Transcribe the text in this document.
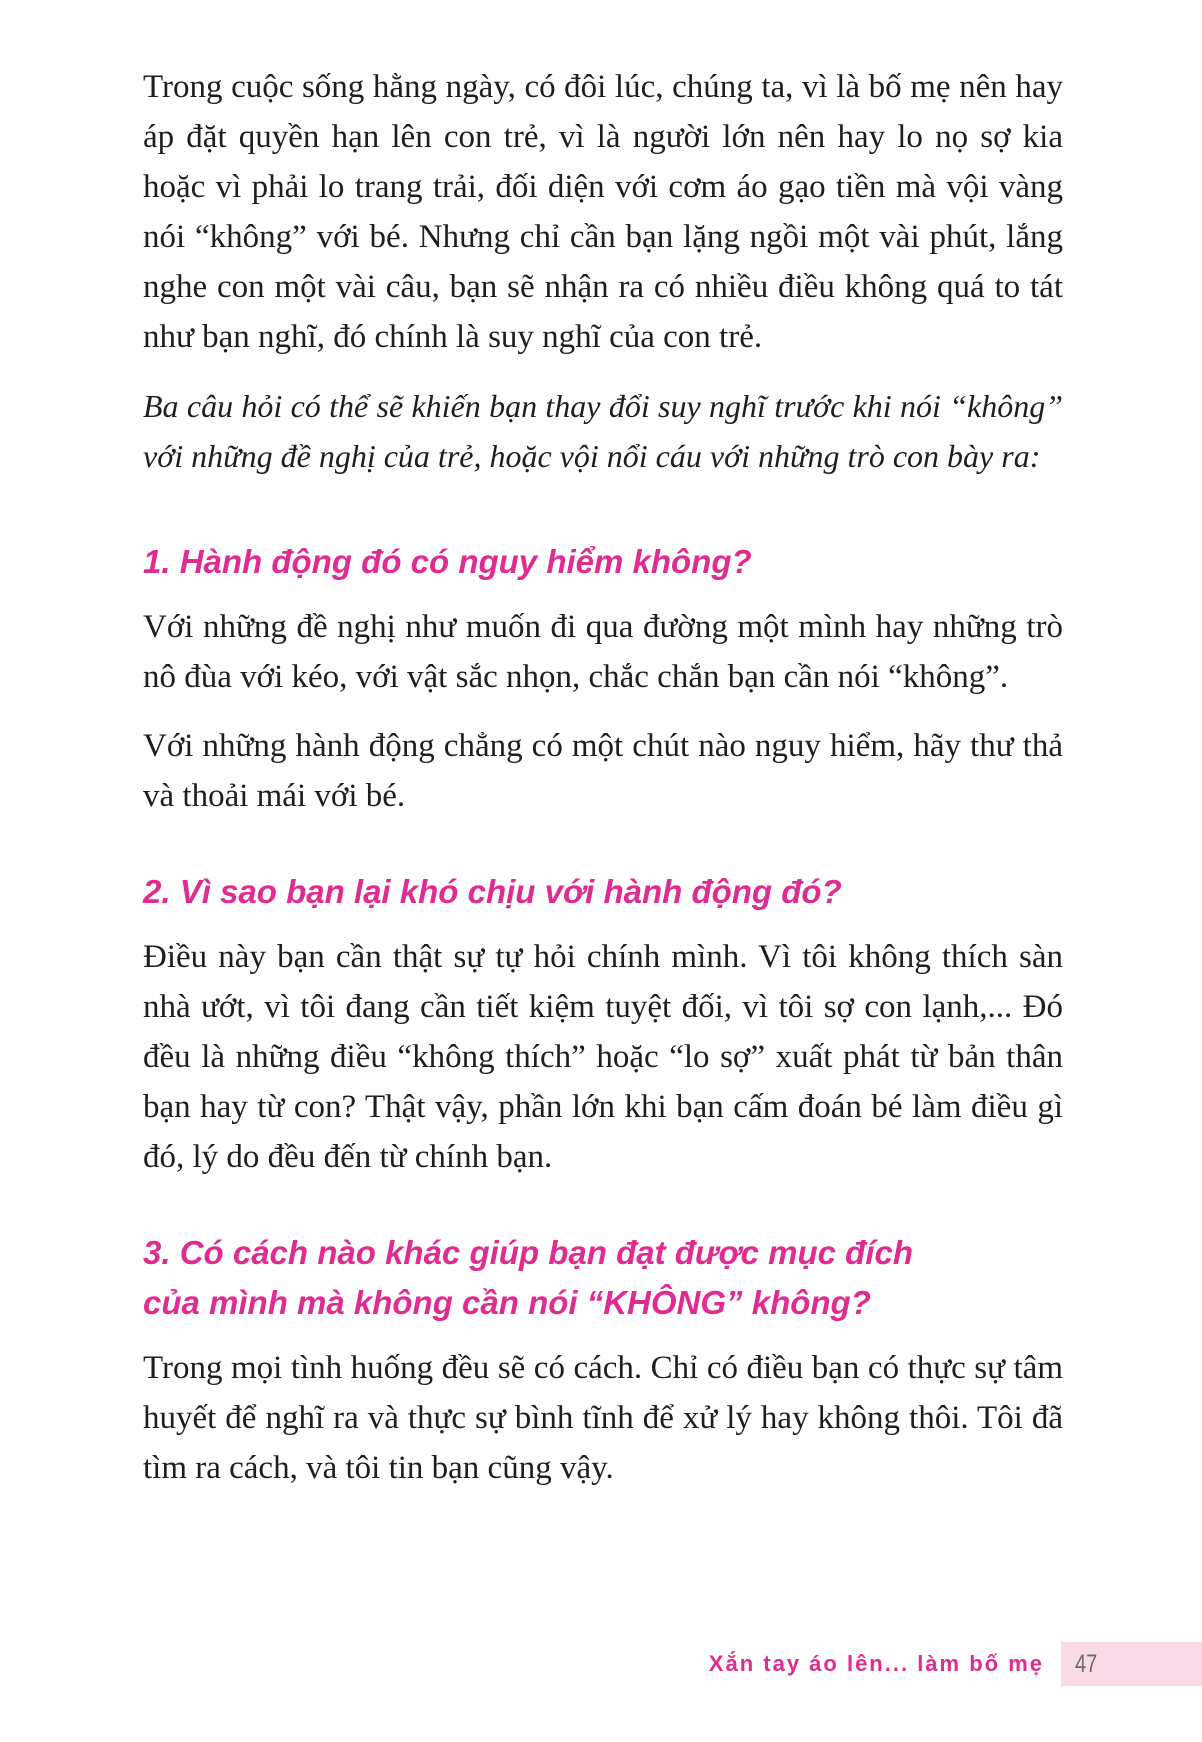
Trong cuộc sống hằng ngày, có đôi lúc, chúng ta, vì là bố mẹ nên hay áp đặt quyền hạn lên con trẻ, vì là người lớn nên hay lo nọ sợ kia hoặc vì phải lo trang trải, đối diện với cơm áo gạo tiền mà vội vàng nói “không” với bé. Nhưng chỉ cần bạn lặng ngồi một vài phút, lắng nghe con một vài câu, bạn sẽ nhận ra có nhiều điều không quá to tát như bạn nghĩ, đó chính là suy nghĩ của con trẻ.

Ba câu hỏi có thể sẽ khiến bạn thay đổi suy nghĩ trước khi nói “không” với những đề nghị của trẻ, hoặc vội nổi cáu với những trò con bày ra:

1. Hành động đó có nguy hiểm không?

Với những đề nghị như muốn đi qua đường một mình hay những trò nô đùa với kéo, với vật sắc nhọn, chắc chắn bạn cần nói “không”.

Với những hành động chẳng có một chút nào nguy hiểm, hãy thư thả và thoải mái với bé.

2. Vì sao bạn lại khó chịu với hành động đó?

Điều này bạn cần thật sự tự hỏi chính mình. Vì tôi không thích sàn nhà ướt, vì tôi đang cần tiết kiệm tuyệt đối, vì tôi sợ con lạnh,... Đó đều là những điều “không thích” hoặc “lo sợ” xuất phát từ bản thân bạn hay từ con? Thật vậy, phần lớn khi bạn cấm đoán bé làm điều gì đó, lý do đều đến từ chính bạn.

3. Có cách nào khác giúp bạn đạt được mục đích
của mình mà không cần nói “KHÔNG” không?

Trong mọi tình huống đều sẽ có cách. Chỉ có điều bạn có thực sự tâm huyết để nghĩ ra và thực sự bình tĩnh để xử lý hay không thôi. Tôi đã tìm ra cách, và tôi tin bạn cũng vậy.

Xắn tay áo lên... làm bố mẹ 47
